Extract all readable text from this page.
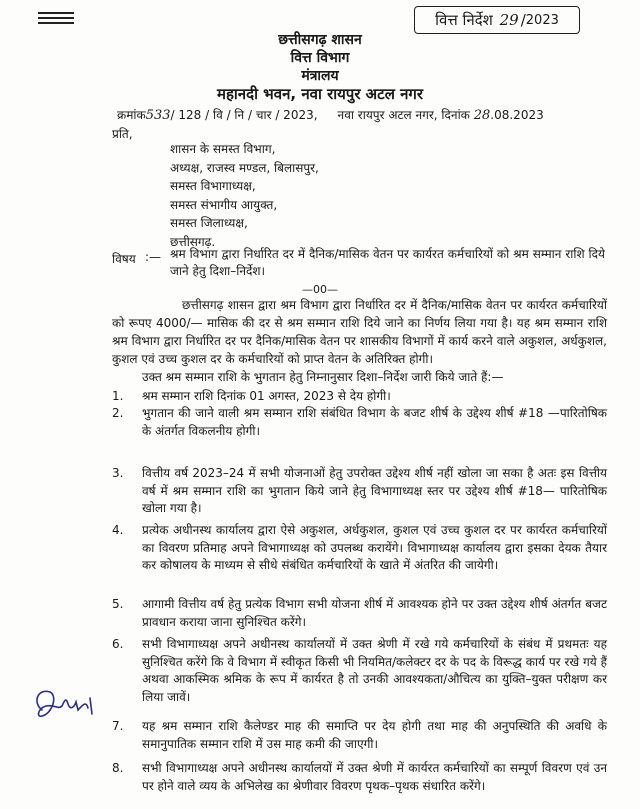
वित्त निर्देश
29 / 2023
छत्तीसगढ़ शासन
वित्त विभाग
मंत्रालय
महानदी भवन, नवा रायपुर अटल नगर
क्रमांक533/ 128 / वि / नि / चार / 2023, नवा रायपुर अटल नगर, दिनांक 28.08.2023
प्रति,
शासन के समस्त विभाग,
अध्यक्ष, राजस्व मण्डल, बिलासपुर,
समस्त विभागाध्यक्ष,
समस्त संभागीय आयुक्त,
समस्त जिलाध्यक्ष,
छत्तीसगढ़.
विषय :— श्रम विभाग द्वारा निर्धारित दर में दैनिक/मासिक वेतन पर कार्यरत कर्मचारियों को श्रम सम्मान राशि दिये जाने हेतु दिशा–निर्देश।
—00—
छत्तीसगढ़ शासन द्वारा श्रम विभाग द्वारा निर्धारित दर में दैनिक/मासिक वेतन पर कार्यरत कर्मचारियों को रूपए 4000/— मासिक की दर से श्रम सम्मान राशि दिये जाने का निर्णय लिया गया है। यह श्रम सम्मान राशि श्रम विभाग द्वारा निर्धारित दर पर दैनिक/मासिक वेतन पर शासकीय विभागों में कार्य करने वाले अकुशल, अर्धकुशल, कुशल एवं उच्च कुशल दर के कर्मचारियों को प्राप्त वेतन के अतिरिक्त होगी।
उक्त श्रम सम्मान राशि के भुगतान हेतु निम्नानुसार दिशा–निर्देश जारी किये जाते हैं:—
1.	श्रम सम्मान राशि दिनांक 01 अगस्त, 2023 से देय होगी।
2.	भुगतान की जाने वाली श्रम सम्मान राशि संबंधित विभाग के बजट शीर्ष के उद्देश्य शीर्ष #18 —पारितोषिक के अंतर्गत विकलनीय होगी।
3.	वित्तीय वर्ष 2023–24 में सभी योजनाओं हेतु उपरोक्त उद्देश्य शीर्ष नहीं खोला जा सका है अतः इस वित्तीय वर्ष में श्रम सम्मान राशि का भुगतान किये जाने हेतु विभागाध्यक्ष स्तर पर उद्देश्य शीर्ष #18— पारितोषिक खोला गया है।
4.	प्रत्येक अधीनस्थ कार्यालय द्वारा ऐसे अकुशल, अर्धकुशल, कुशल एवं उच्च कुशल दर पर कार्यरत कर्मचारियों का विवरण प्रतिमाह अपने विभागाध्यक्ष को उपलब्ध करायेंगे। विभागाध्यक्ष कार्यालय द्वारा इसका देयक तैयार कर कोषालय के माध्यम से सीधे संबंधित कर्मचारियों के खाते में अंतरित की जायेगी।
5.	आगामी वित्तीय वर्ष हेतु प्रत्येक विभाग सभी योजना शीर्ष में आवश्यक होने पर उक्त उद्देश्य शीर्ष अंतर्गत बजट प्रावधान कराया जाना सुनिश्चित करेंगे।
6.	सभी विभागाध्यक्ष अपने अधीनस्थ कार्यालयों में उक्त श्रेणी में रखे गये कर्मचारियों के संबंध में प्रथमतः यह सुनिश्चित करेंगे कि वे विभाग में स्वीकृत किसी भी नियमित/कलेक्टर दर के पद के विरूद्ध कार्य पर रखे गये हैं अथवा आकस्मिक श्रमिक के रूप में कार्यरत है तो उनकी आवश्यकता/औचित्य का युक्ति–युक्त परीक्षण कर लिया जावें।
7.	यह श्रम सम्मान राशि कैलेण्डर माह की समाप्ति पर देय होगी तथा माह की अनुपस्थिति की अवधि के समानुपातिक सम्मान राशि में उस माह कमी की जाएगी।
8.	सभी विभागाध्यक्ष अपने अधीनस्थ कार्यालयों में उक्त श्रेणी में कार्यरत कर्मचारियों का सम्पूर्ण विवरण एवं उन पर होने वाले व्यय के अभिलेख का श्रेणीवार विवरण पृथक–पृथक संधारित करेंगे।
